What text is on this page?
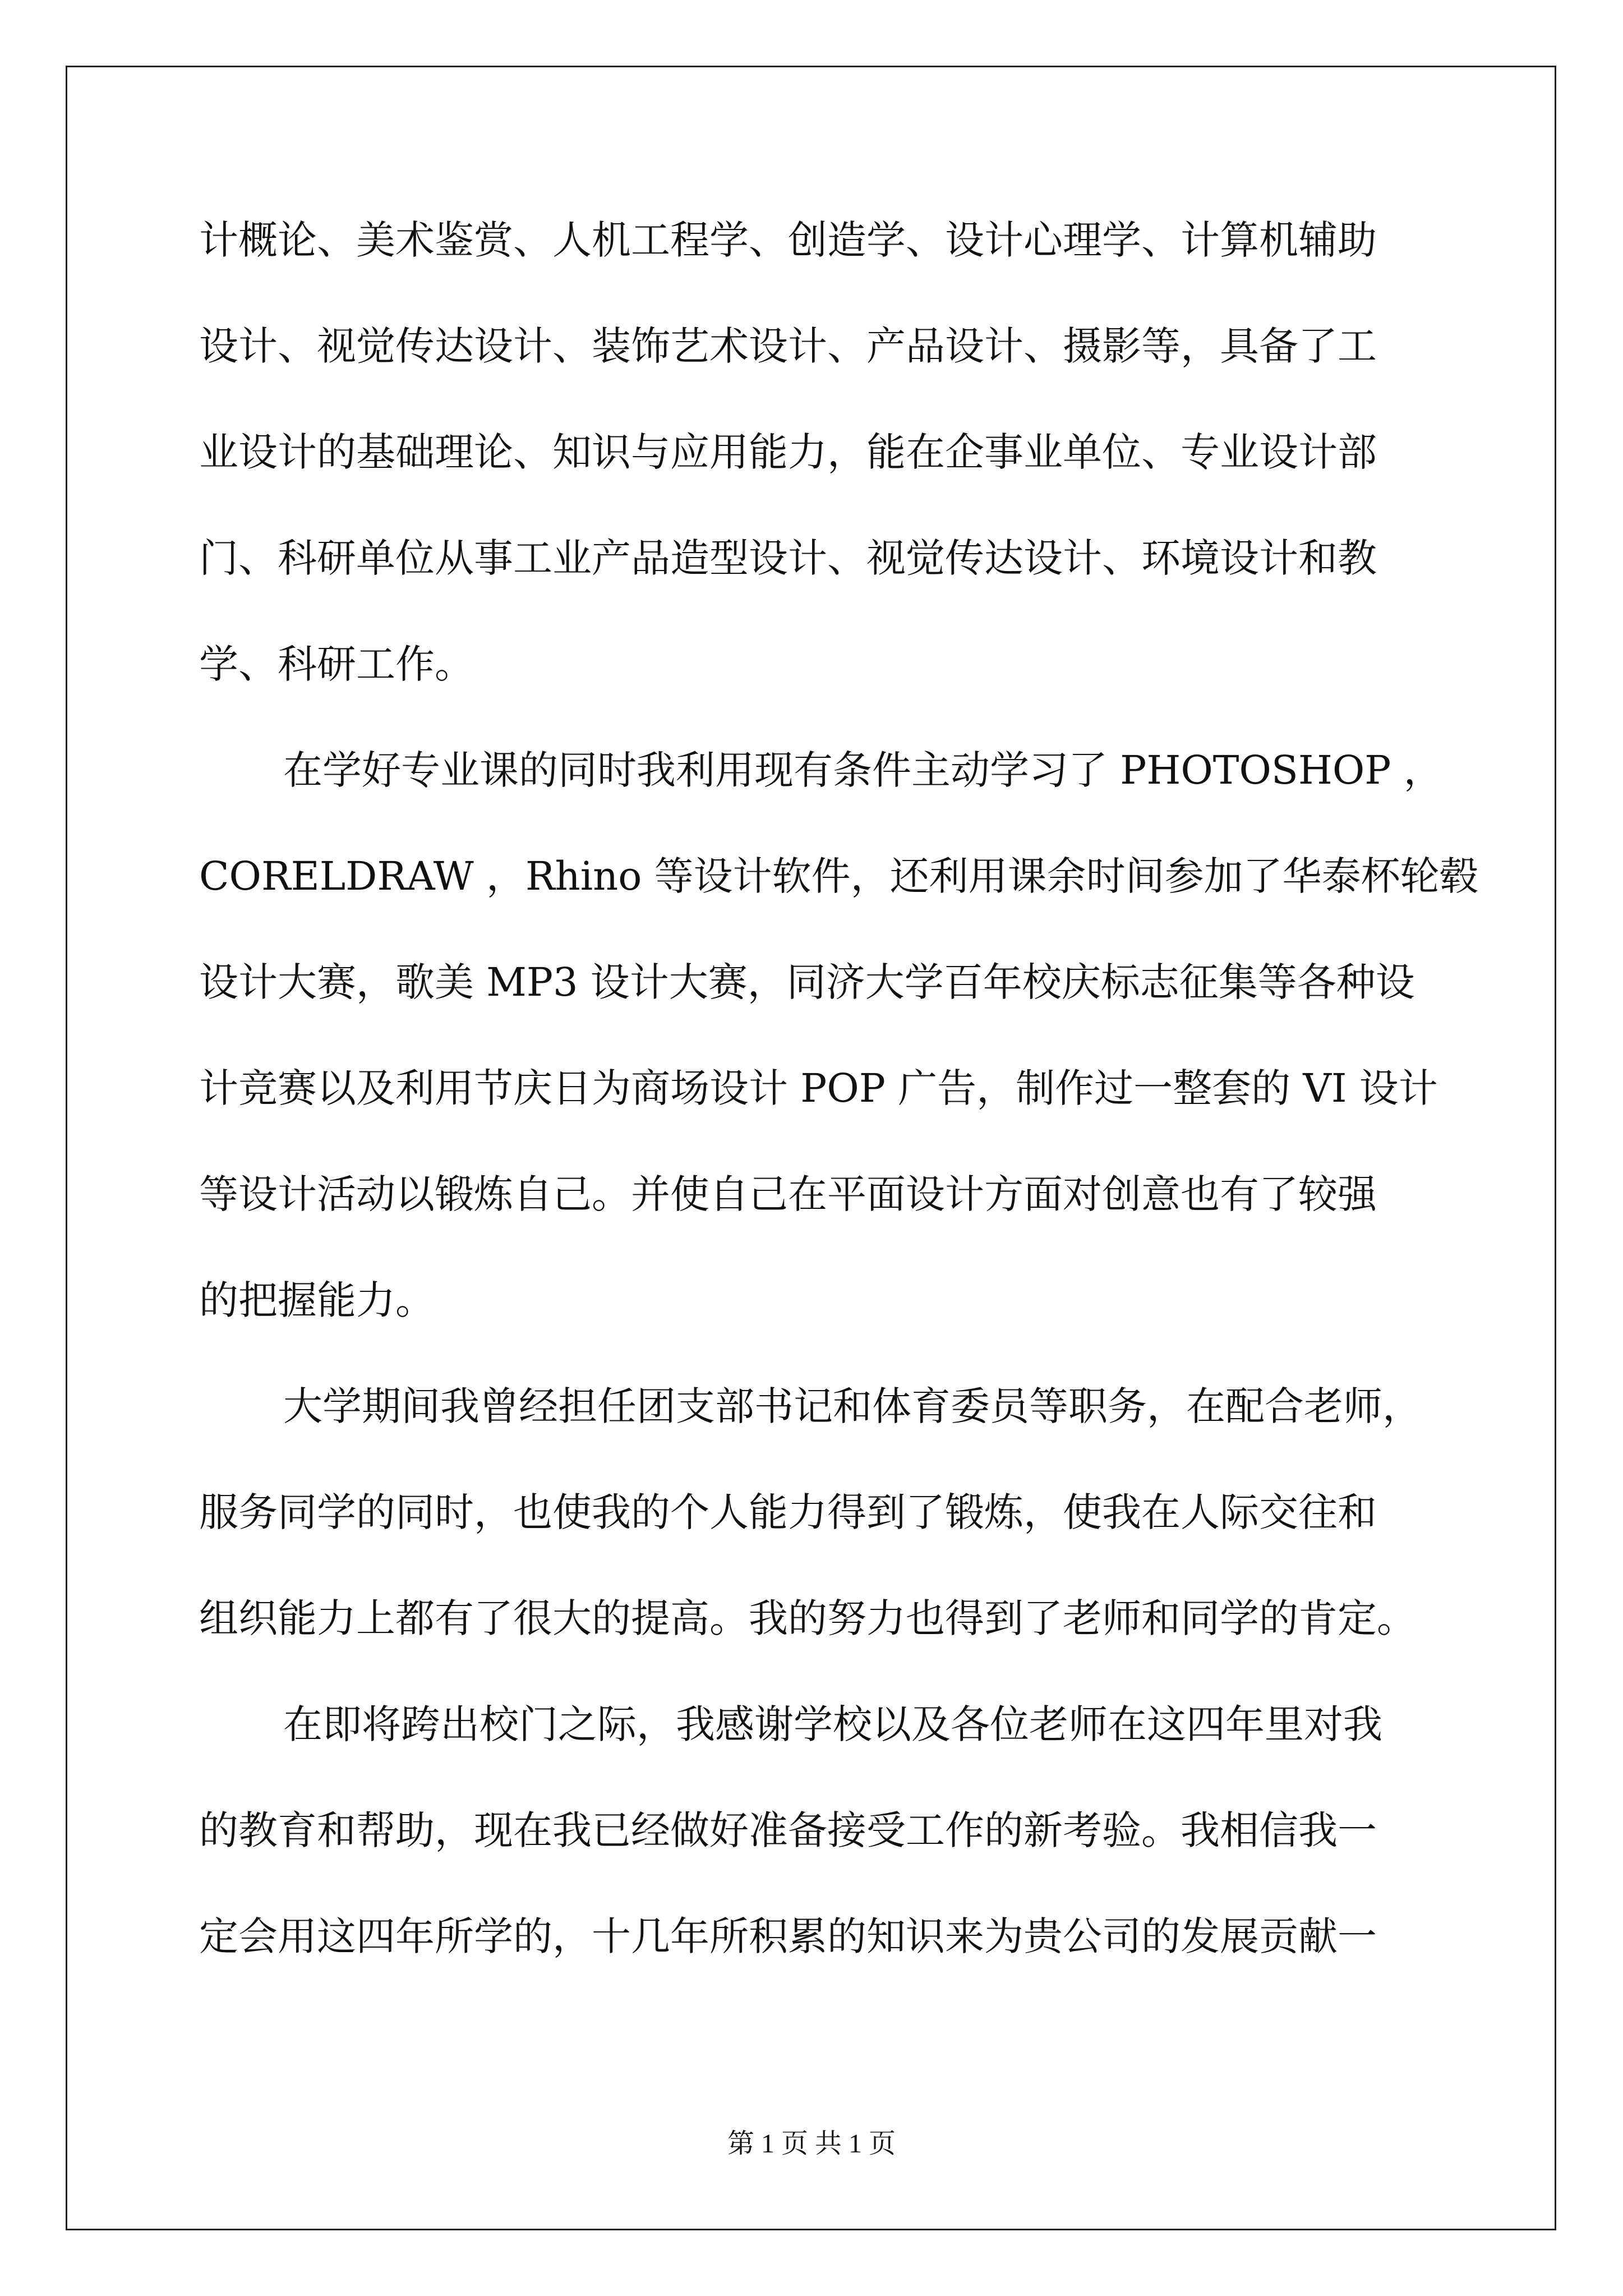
计概论、美术鉴赏、人机工程学、创造学、设计心理学、计算机辅助
设计、视觉传达设计、装饰艺术设计、产品设计、摄影等，具备了工
业设计的基础理论、知识与应用能力，能在企事业单位、专业设计部
门、科研单位从事工业产品造型设计、视觉传达设计、环境设计和教
学、科研工作。
在学好专业课的同时我利用现有条件主动学习了 PHOTOSHOP ，
CORELDRAW ，Rhino 等设计软件，还利用课余时间参加了华泰杯轮毂
设计大赛，歌美 MP3 设计大赛，同济大学百年校庆标志征集等各种设
计竞赛以及利用节庆日为商场设计 POP 广告，制作过一整套的 VI 设计
等设计活动以锻炼自己。并使自己在平面设计方面对创意也有了较强
的把握能力。
大学期间我曾经担任团支部书记和体育委员等职务，在配合老师，
服务同学的同时，也使我的个人能力得到了锻炼，使我在人际交往和
组织能力上都有了很大的提高。我的努力也得到了老师和同学的肯定。
在即将跨出校门之际，我感谢学校以及各位老师在这四年里对我
的教育和帮助，现在我已经做好准备接受工作的新考验。我相信我一
定会用这四年所学的，十几年所积累的知识来为贵公司的发展贡献一
第 1 页 共 1 页
